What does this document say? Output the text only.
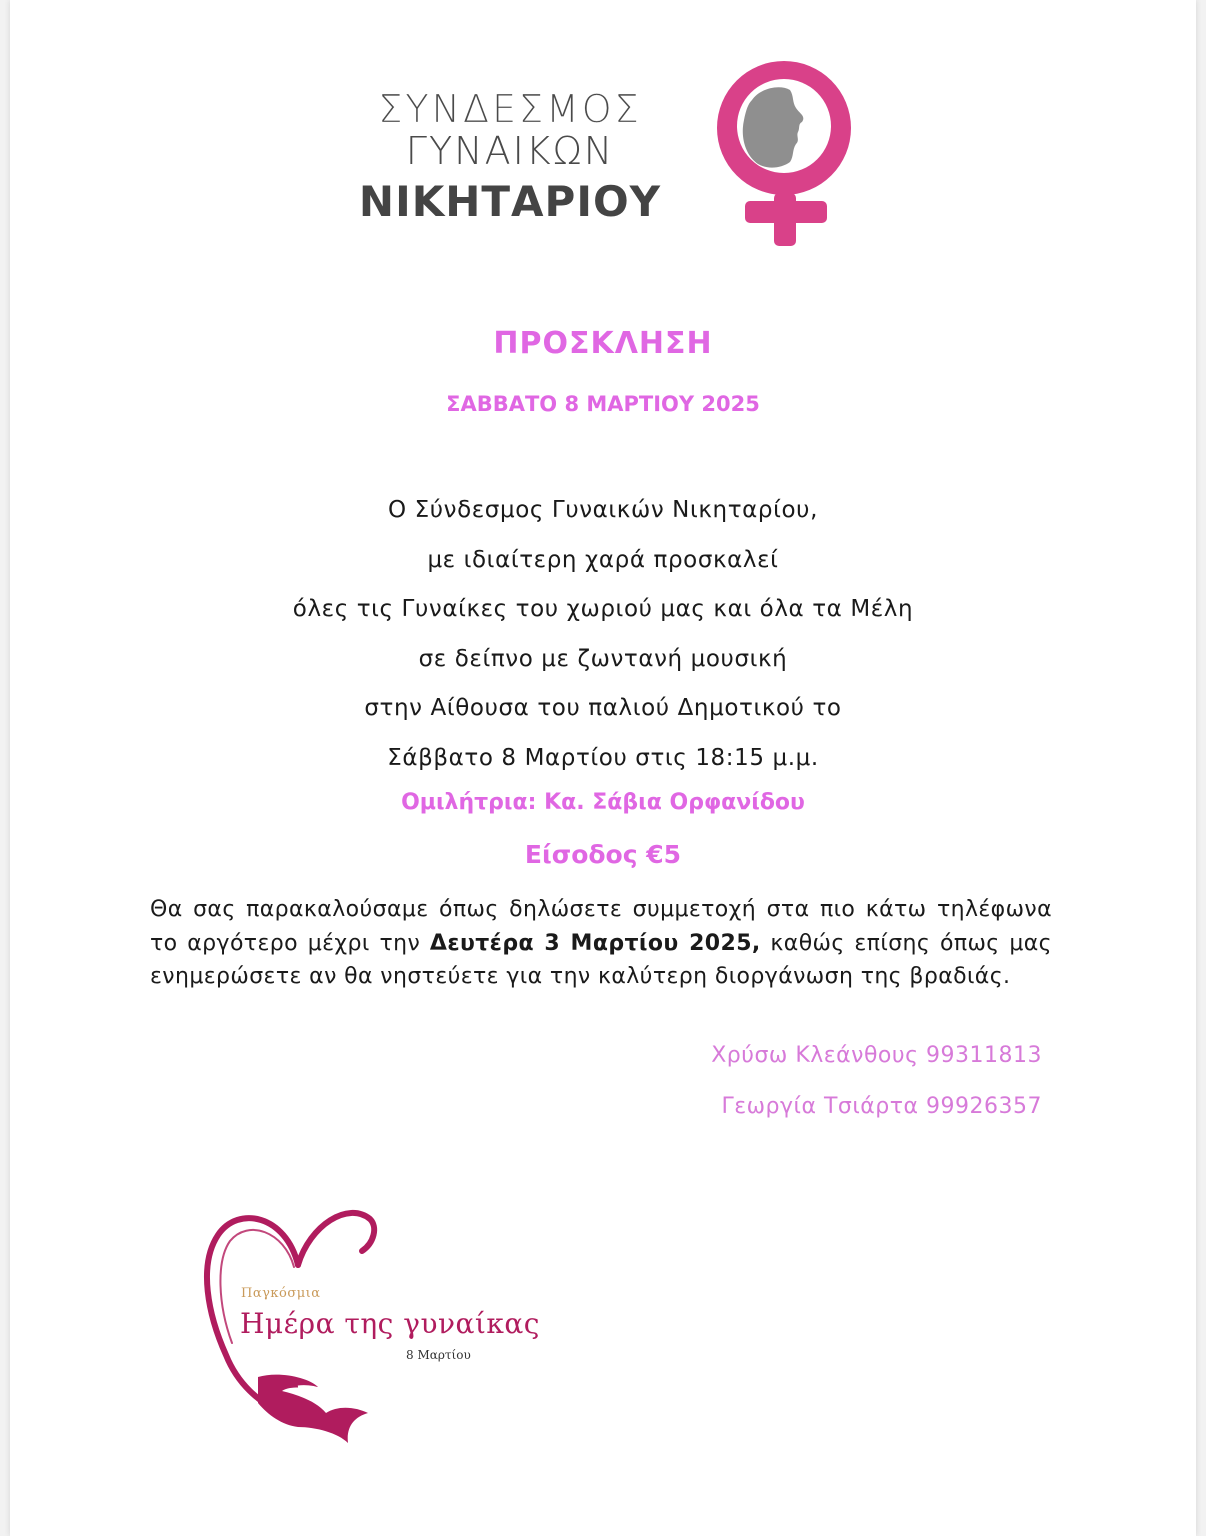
ΣΥΝΔΕΣΜΟΣ
ΓΥΝΑΙΚΩΝ
ΝΙΚΗΤΑΡΙΟΥ
ΠΡΟΣΚΛΗΣΗ
ΣΑΒΒΑΤΟ 8 ΜΑΡΤΙΟΥ 2025
Ο Σύνδεσμος Γυναικών Νικηταρίου,
με ιδιαίτερη χαρά προσκαλεί
όλες τις Γυναίκες του χωριού μας και όλα τα Μέλη
σε δείπνο με ζωντανή μουσική
στην Αίθουσα του παλιού Δημοτικού το
Σάββατο 8 Μαρτίου στις 18:15 μ.μ.
Ομιλήτρια: Κα. Σάβια Ορφανίδου
Είσοδος €5
Θα σας παρακαλούσαμε όπως δηλώσετε συμμετοχή στα πιο κάτω τηλέφωνα το αργότερο μέχρι την Δευτέρα 3 Μαρτίου 2025, καθώς επίσης όπως μας ενημερώσετε αν θα νηστεύετε για την καλύτερη διοργάνωση της βραδιάς.
Χρύσω Κλεάνθους 99311813
Γεωργία Τσιάρτα 99926357
Παγκόσμια
Ημέρα της γυναίκας
8 Μαρτίου
